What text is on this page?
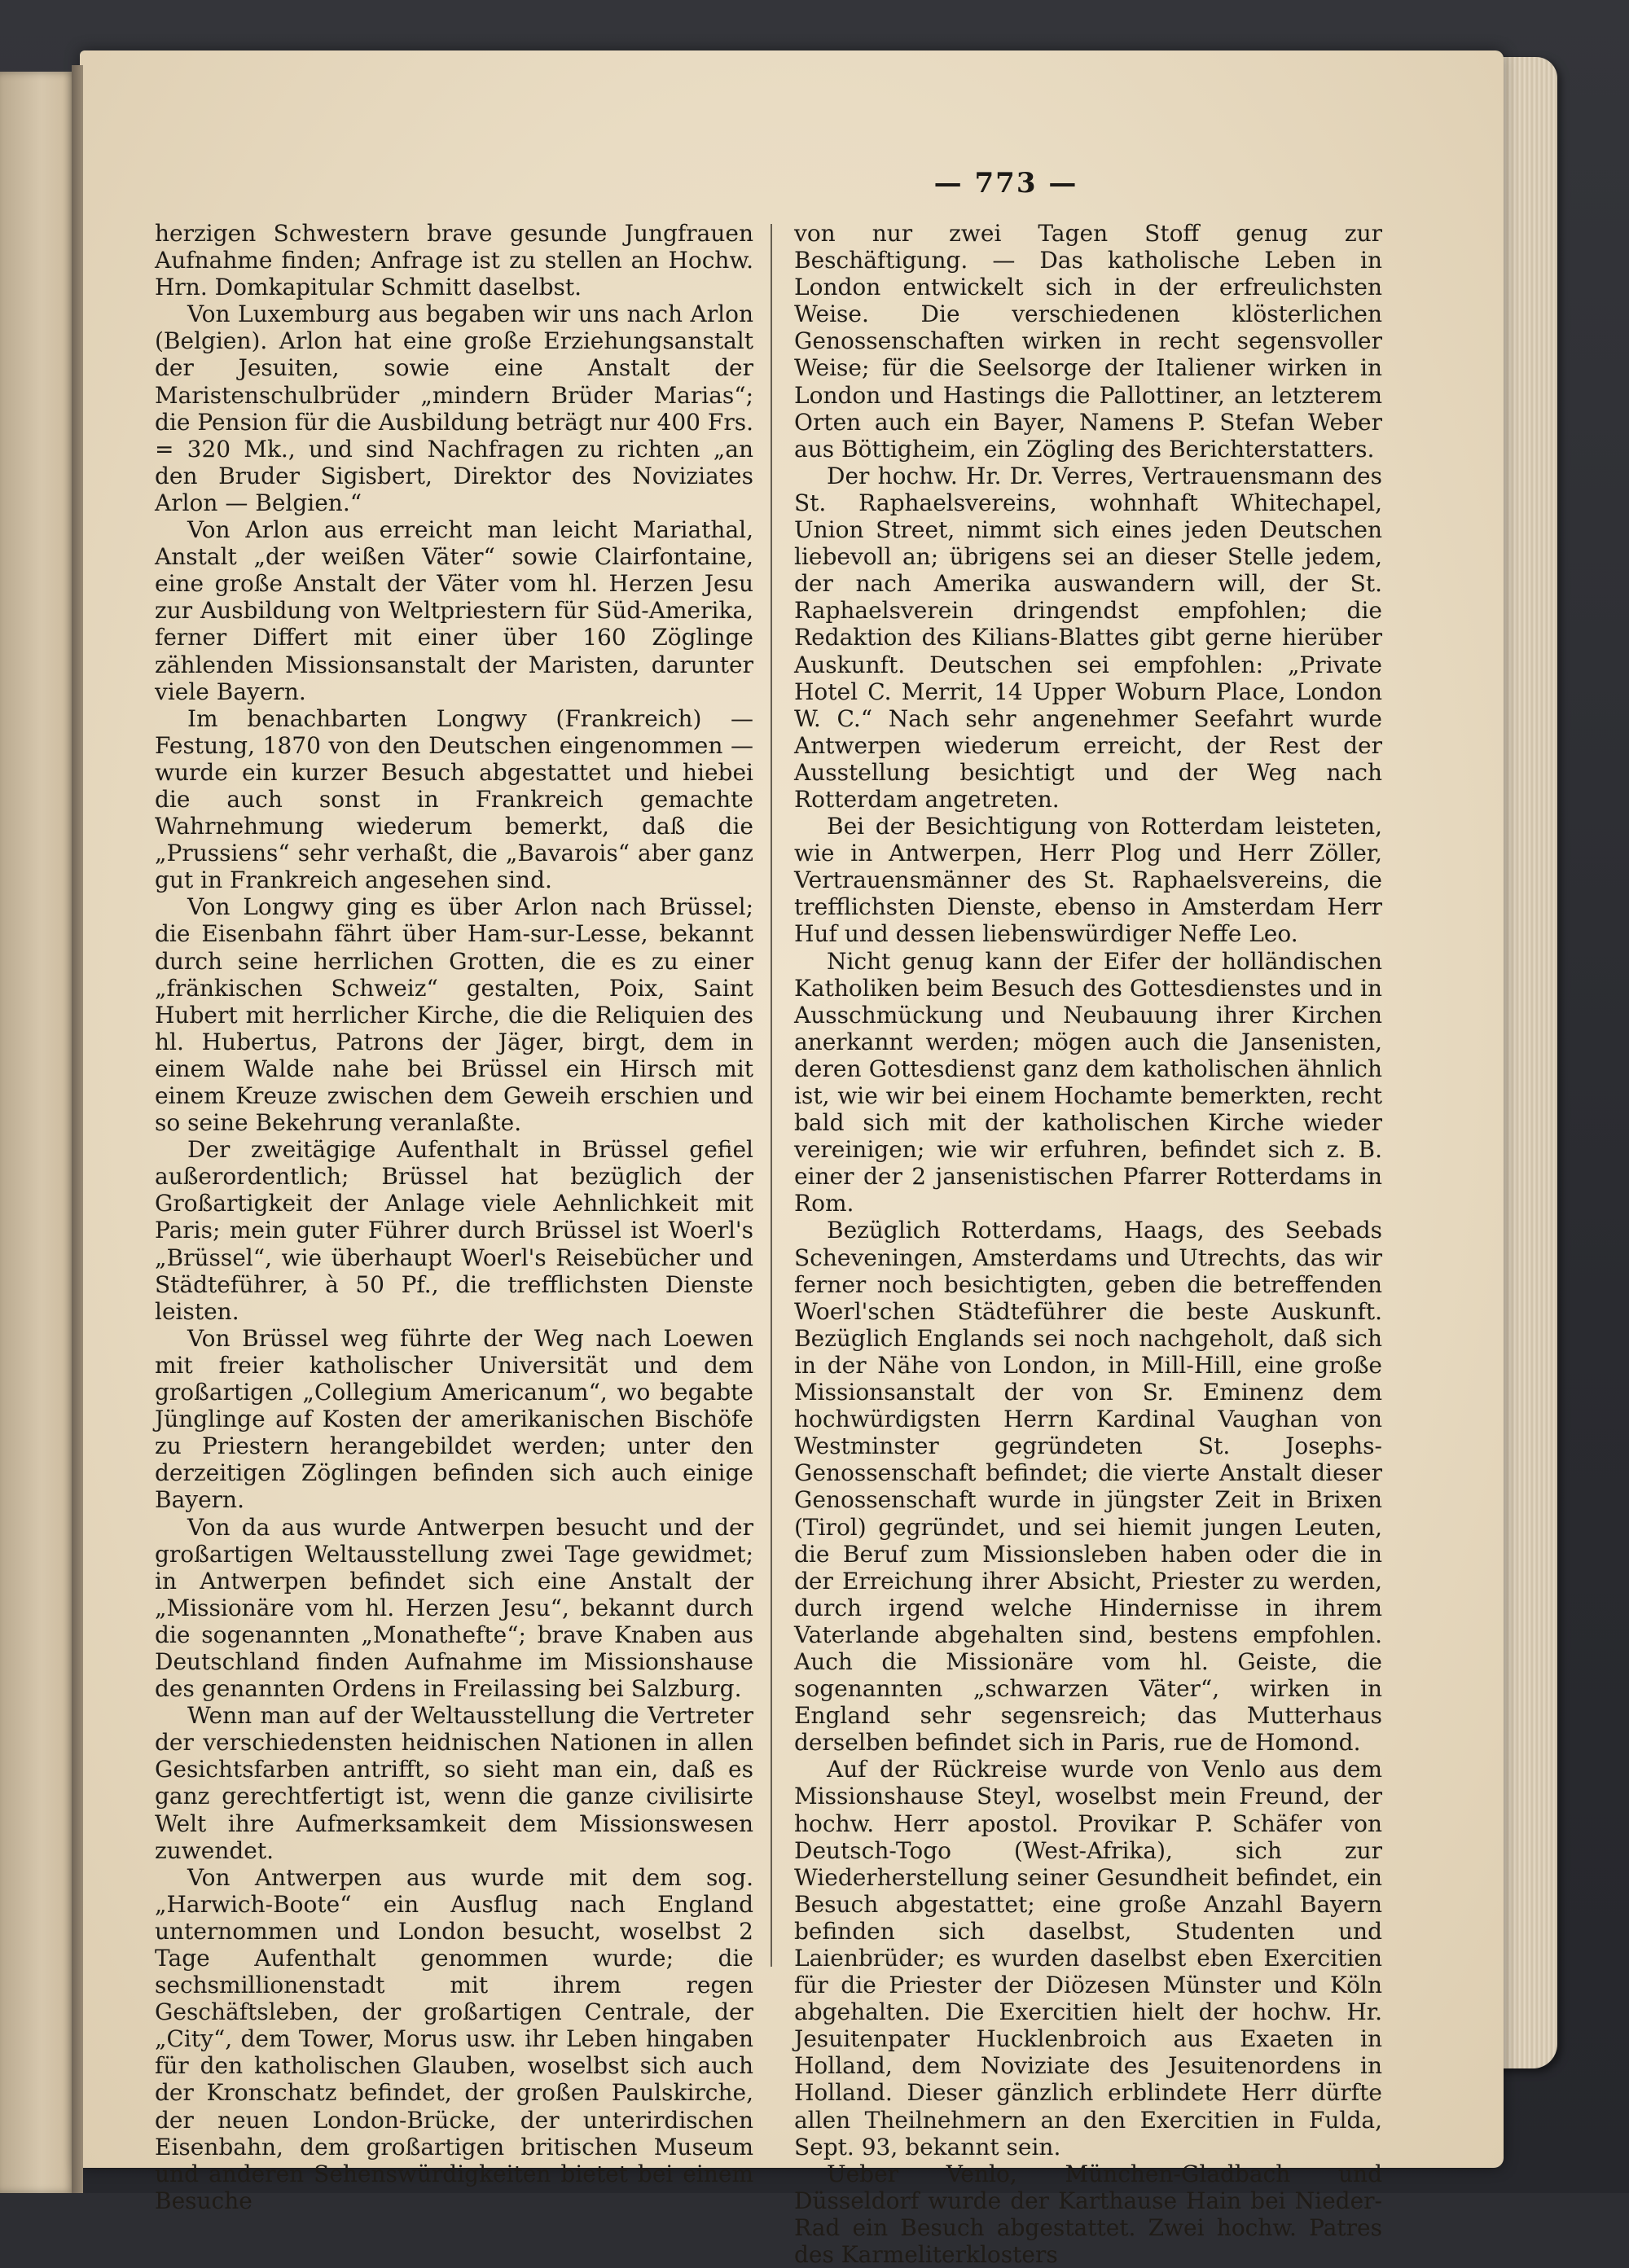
— 773 —

herzigen Schwestern brave gesunde Jungfrauen Aufnahme finden; Anfrage ist zu stellen an Hochw. Hrn. Domkapitular Schmitt daselbst.

Von Luxemburg aus begaben wir uns nach Arlon (Belgien). Arlon hat eine große Erziehungsanstalt der Jesuiten, sowie eine Anstalt der Maristenschulbrüder „mindern Brüder Marias“; die Pension für die Ausbildung beträgt nur 400 Frs. = 320 Mk., und sind Nachfragen zu richten „an den Bruder Sigisbert, Direktor des Noviziates Arlon — Belgien.“

Von Arlon aus erreicht man leicht Mariathal, Anstalt „der weißen Väter“ sowie Clairfontaine, eine große Anstalt der Väter vom hl. Herzen Jesu zur Ausbildung von Weltpriestern für Süd-Amerika, ferner Differt mit einer über 160 Zöglinge zählenden Missionsanstalt der Maristen, darunter viele Bayern.

Im benachbarten Longwy (Frankreich) — Festung, 1870 von den Deutschen eingenommen — wurde ein kurzer Besuch abgestattet und hiebei die auch sonst in Frankreich gemachte Wahrnehmung wiederum bemerkt, daß die „Prussiens“ sehr verhaßt, die „Bavarois“ aber ganz gut in Frankreich angesehen sind.

Von Longwy ging es über Arlon nach Brüssel; die Eisenbahn fährt über Ham-sur-Lesse, bekannt durch seine herrlichen Grotten, die es zu einer „fränkischen Schweiz“ gestalten, Poix, Saint Hubert mit herrlicher Kirche, die die Reliquien des hl. Hubertus, Patrons der Jäger, birgt, dem in einem Walde nahe bei Brüssel ein Hirsch mit einem Kreuze zwischen dem Geweih erschien und so seine Bekehrung veranlaßte.

Der zweitägige Aufenthalt in Brüssel gefiel außerordentlich; Brüssel hat bezüglich der Großartigkeit der Anlage viele Aehnlichkeit mit Paris; mein guter Führer durch Brüssel ist Woerl's „Brüssel“, wie überhaupt Woerl's Reisebücher und Städteführer, à 50 Pf., die trefflichsten Dienste leisten.

Von Brüssel weg führte der Weg nach Loewen mit freier katholischer Universität und dem großartigen „Collegium Americanum“, wo begabte Jünglinge auf Kosten der amerikanischen Bischöfe zu Priestern herangebildet werden; unter den derzeitigen Zöglingen befinden sich auch einige Bayern.

Von da aus wurde Antwerpen besucht und der großartigen Weltausstellung zwei Tage gewidmet; in Antwerpen befindet sich eine Anstalt der „Missionäre vom hl. Herzen Jesu“, bekannt durch die sogenannten „Monathefte“; brave Knaben aus Deutschland finden Aufnahme im Missionshause des genannten Ordens in Freilassing bei Salzburg.

Wenn man auf der Weltausstellung die Vertreter der verschiedensten heidnischen Nationen in allen Gesichtsfarben antrifft, so sieht man ein, daß es ganz gerechtfertigt ist, wenn die ganze civilisirte Welt ihre Aufmerksamkeit dem Missionswesen zuwendet.

Von Antwerpen aus wurde mit dem sog. „Harwich-Boote“ ein Ausflug nach England unternommen und London besucht, woselbst 2 Tage Aufenthalt genommen wurde; die sechsmillionenstadt mit ihrem regen Geschäftsleben, der großartigen Centrale, der „City“, dem Tower, Morus usw. ihr Leben hingaben für den katholischen Glauben, woselbst sich auch der Kronschatz befindet, der großen Paulskirche, der neuen London-Brücke, der unterirdischen Eisenbahn, dem großartigen britischen Museum und anderen Sehenswürdigkeiten bietet bei einem Besuche

von nur zwei Tagen Stoff genug zur Beschäftigung. — Das katholische Leben in London entwickelt sich in der erfreulichsten Weise. Die verschiedenen klösterlichen Genossenschaften wirken in recht segensvoller Weise; für die Seelsorge der Italiener wirken in London und Hastings die Pallottiner, an letzterem Orten auch ein Bayer, Namens P. Stefan Weber aus Böttigheim, ein Zögling des Berichterstatters.

Der hochw. Hr. Dr. Verres, Vertrauensmann des St. Raphaelsvereins, wohnhaft Whitechapel, Union Street, nimmt sich eines jeden Deutschen liebevoll an; übrigens sei an dieser Stelle jedem, der nach Amerika auswandern will, der St. Raphaelsverein dringendst empfohlen; die Redaktion des Kilians-Blattes gibt gerne hierüber Auskunft. Deutschen sei empfohlen: „Private Hotel C. Merrit, 14 Upper Woburn Place, London W. C.“ Nach sehr angenehmer Seefahrt wurde Antwerpen wiederum erreicht, der Rest der Ausstellung besichtigt und der Weg nach Rotterdam angetreten.

Bei der Besichtigung von Rotterdam leisteten, wie in Antwerpen, Herr Plog und Herr Zöller, Vertrauensmänner des St. Raphaelsvereins, die trefflichsten Dienste, ebenso in Amsterdam Herr Huf und dessen liebenswürdiger Neffe Leo.

Nicht genug kann der Eifer der holländischen Katholiken beim Besuch des Gottesdienstes und in Ausschmückung und Neubauung ihrer Kirchen anerkannt werden; mögen auch die Jansenisten, deren Gottesdienst ganz dem katholischen ähnlich ist, wie wir bei einem Hochamte bemerkten, recht bald sich mit der katholischen Kirche wieder vereinigen; wie wir erfuhren, befindet sich z. B. einer der 2 jansenistischen Pfarrer Rotterdams in Rom.

Bezüglich Rotterdams, Haags, des Seebads Scheveningen, Amsterdams und Utrechts, das wir ferner noch besichtigten, geben die betreffenden Woerl'schen Städteführer die beste Auskunft. Bezüglich Englands sei noch nachgeholt, daß sich in der Nähe von London, in Mill-Hill, eine große Missionsanstalt der von Sr. Eminenz dem hochwürdigsten Herrn Kardinal Vaughan von Westminster gegründeten St. Josephs-Genossenschaft befindet; die vierte Anstalt dieser Genossenschaft wurde in jüngster Zeit in Brixen (Tirol) gegründet, und sei hiemit jungen Leuten, die Beruf zum Missionsleben haben oder die in der Erreichung ihrer Absicht, Priester zu werden, durch irgend welche Hindernisse in ihrem Vaterlande abgehalten sind, bestens empfohlen. Auch die Missionäre vom hl. Geiste, die sogenannten „schwarzen Väter“, wirken in England sehr segensreich; das Mutterhaus derselben befindet sich in Paris, rue de Homond.

Auf der Rückreise wurde von Venlo aus dem Missionshause Steyl, woselbst mein Freund, der hochw. Herr apostol. Provikar P. Schäfer von Deutsch-Togo (West-Afrika), sich zur Wiederherstellung seiner Gesundheit befindet, ein Besuch abgestattet; eine große Anzahl Bayern befinden sich daselbst, Studenten und Laienbrüder; es wurden daselbst eben Exercitien für die Priester der Diözesen Münster und Köln abgehalten. Die Exercitien hielt der hochw. Hr. Jesuitenpater Hucklenbroich aus Exaeten in Holland, dem Noviziate des Jesuitenordens in Holland. Dieser gänzlich erblindete Herr dürfte allen Theilnehmern an den Exercitien in Fulda, Sept. 93, bekannt sein.

Ueber Venlo, München-Gladbach und Düsseldorf wurde der Karthause Hain bei Nieder-Rad ein Besuch abgestattet. Zwei hochw. Patres des Karmeliterklosters
